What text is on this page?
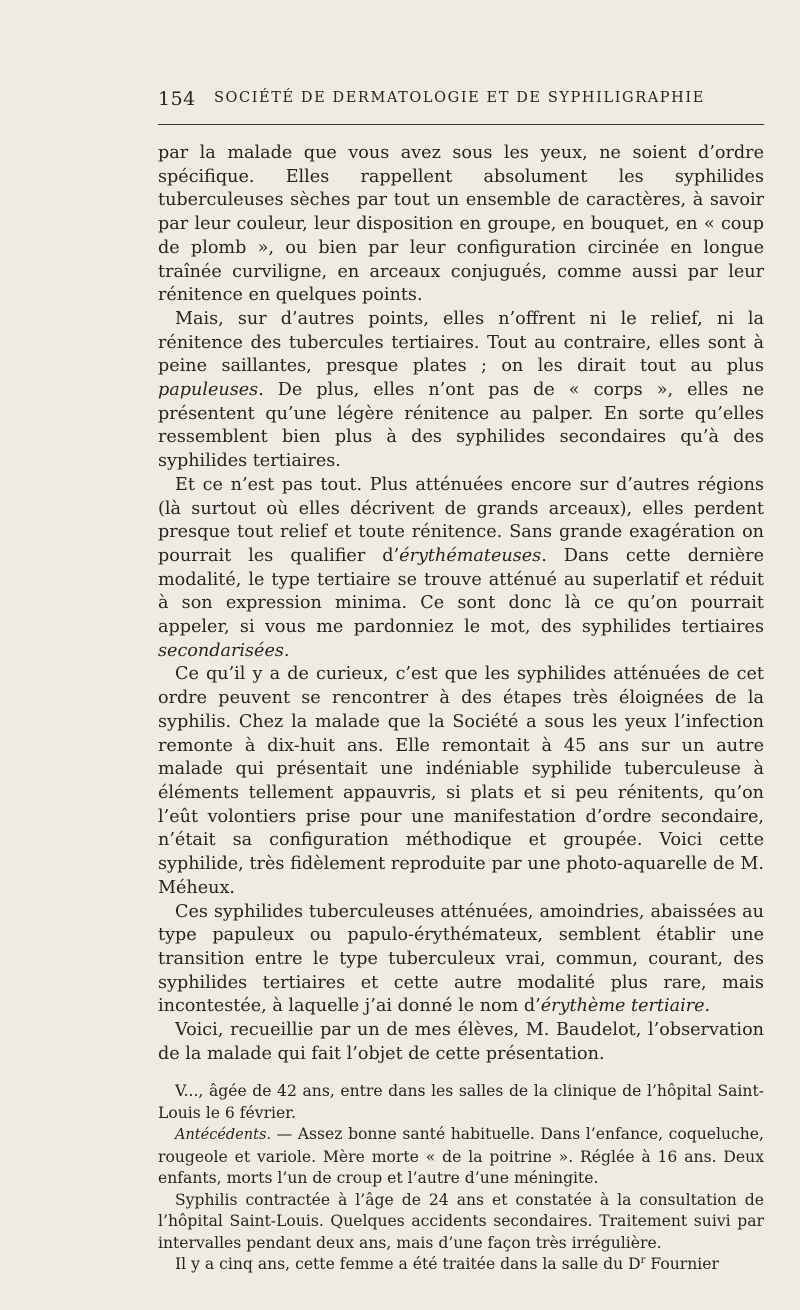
154 SOCIÉTÉ DE DERMATOLOGIE ET DE SYPHILIGRAPHIE

par la malade que vous avez sous les yeux, ne soient d’ordre spécifique. Elles rappellent absolument les syphilides tuberculeuses sèches par tout un ensemble de caractères, à savoir par leur couleur, leur disposition en groupe, en bouquet, en « coup de plomb », ou bien par leur configuration circinée en longue traînée curviligne, en arceaux conjugués, comme aussi par leur rénitence en quelques points.

Mais, sur d’autres points, elles n’offrent ni le relief, ni la rénitence des tubercules tertiaires. Tout au contraire, elles sont à peine saillantes, presque plates ; on les dirait tout au plus papuleuses. De plus, elles n’ont pas de « corps », elles ne présentent qu’une légère rénitence au palper. En sorte qu’elles ressemblent bien plus à des syphilides secondaires qu’à des syphilides tertiaires.

Et ce n’est pas tout. Plus atténuées encore sur d’autres régions (là surtout où elles décrivent de grands arceaux), elles perdent presque tout relief et toute rénitence. Sans grande exagération on pourrait les qualifier d’érythémateuses. Dans cette dernière modalité, le type tertiaire se trouve atténué au superlatif et réduit à son expression minima. Ce sont donc là ce qu’on pourrait appeler, si vous me pardonniez le mot, des syphilides tertiaires secondarisées.

Ce qu’il y a de curieux, c’est que les syphilides atténuées de cet ordre peuvent se rencontrer à des étapes très éloignées de la syphilis. Chez la malade que la Société a sous les yeux l’infection remonte à dix-huit ans. Elle remontait à 45 ans sur un autre malade qui présentait une indéniable syphilide tuberculeuse à éléments tellement appauvris, si plats et si peu rénitents, qu’on l’eût volontiers prise pour une manifestation d’ordre secondaire, n’était sa configuration méthodique et groupée. Voici cette syphilide, très fidèlement reproduite par une photo-aquarelle de M. Méheux.

Ces syphilides tuberculeuses atténuées, amoindries, abaissées au type papuleux ou papulo-érythémateux, semblent établir une transition entre le type tuberculeux vrai, commun, courant, des syphilides tertiaires et cette autre modalité plus rare, mais incontestée, à laquelle j’ai donné le nom d’érythème tertiaire.

Voici, recueillie par un de mes élèves, M. Baudelot, l’observation de la malade qui fait l’objet de cette présentation.

V..., âgée de 42 ans, entre dans les salles de la clinique de l’hôpital Saint-Louis le 6 février.

Antécédents. — Assez bonne santé habituelle. Dans l’enfance, coqueluche, rougeole et variole. Mère morte « de la poitrine ». Réglée à 16 ans. Deux enfants, morts l’un de croup et l’autre d’une méningite.

Syphilis contractée à l’âge de 24 ans et constatée à la consultation de l’hôpital Saint-Louis. Quelques accidents secondaires. Traitement suivi par intervalles pendant deux ans, mais d’une façon très irrégulière.

Il y a cinq ans, cette femme a été traitée dans la salle du $D^r$ Fournier
